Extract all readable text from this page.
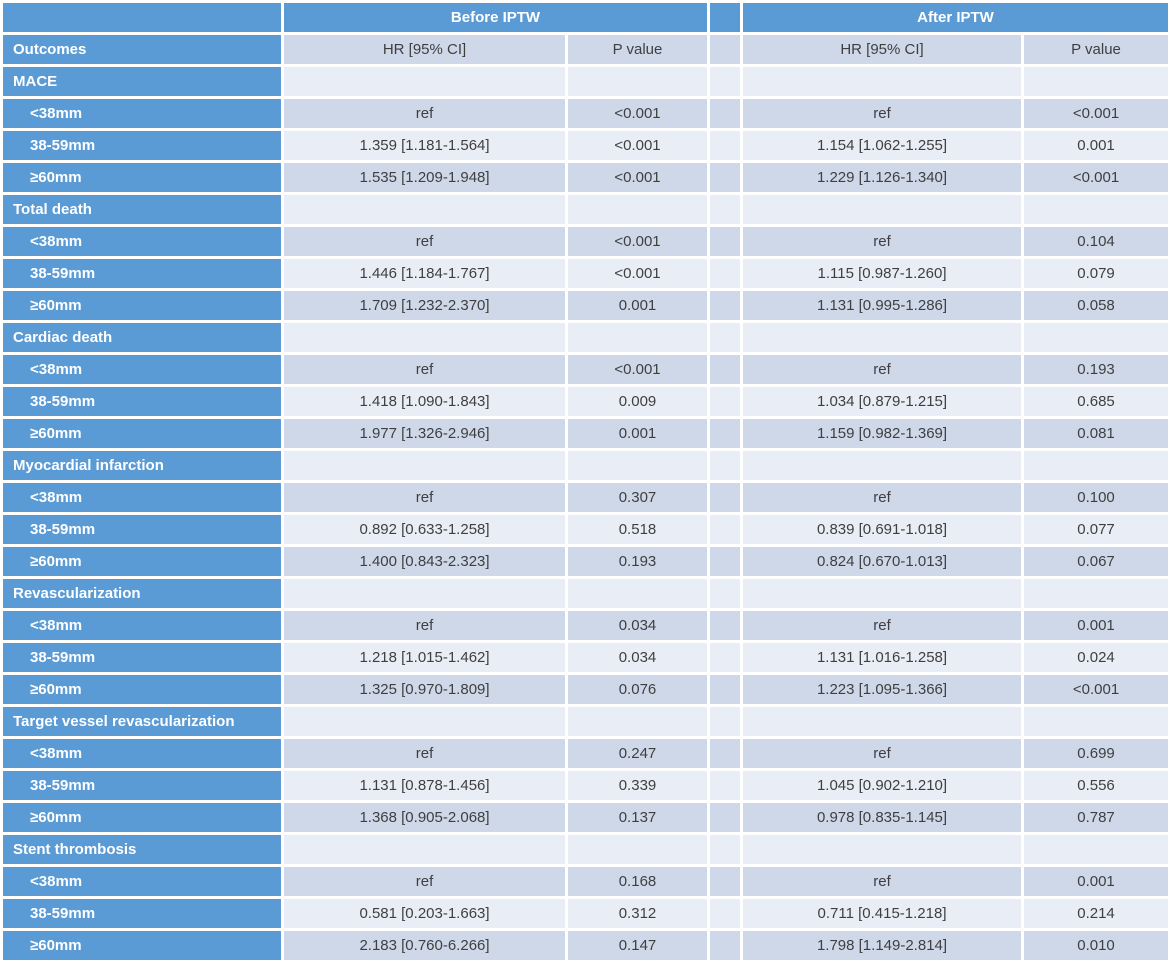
	Before IPTW			After IPTW	
Outcomes	HR [95% CI]	P value		HR [95% CI]	P value
MACE					
<38mm	ref	<0.001		ref	<0.001
38-59mm	1.359 [1.181-1.564]	<0.001		1.154 [1.062-1.255]	0.001
≥60mm	1.535 [1.209-1.948]	<0.001		1.229 [1.126-1.340]	<0.001
Total death					
<38mm	ref	<0.001		ref	0.104
38-59mm	1.446 [1.184-1.767]	<0.001		1.115 [0.987-1.260]	0.079
≥60mm	1.709 [1.232-2.370]	0.001		1.131 [0.995-1.286]	0.058
Cardiac death					
<38mm	ref	<0.001		ref	0.193
38-59mm	1.418 [1.090-1.843]	0.009		1.034 [0.879-1.215]	0.685
≥60mm	1.977 [1.326-2.946]	0.001		1.159 [0.982-1.369]	0.081
Myocardial infarction					
<38mm	ref	0.307		ref	0.100
38-59mm	0.892 [0.633-1.258]	0.518		0.839 [0.691-1.018]	0.077
≥60mm	1.400 [0.843-2.323]	0.193		0.824 [0.670-1.013]	0.067
Revascularization					
<38mm	ref	0.034		ref	0.001
38-59mm	1.218 [1.015-1.462]	0.034		1.131 [1.016-1.258]	0.024
≥60mm	1.325 [0.970-1.809]	0.076		1.223 [1.095-1.366]	<0.001
Target vessel revascularization					
<38mm	ref	0.247		ref	0.699
38-59mm	1.131 [0.878-1.456]	0.339		1.045 [0.902-1.210]	0.556
≥60mm	1.368 [0.905-2.068]	0.137		0.978 [0.835-1.145]	0.787
Stent thrombosis					
<38mm	ref	0.168		ref	0.001
38-59mm	0.581 [0.203-1.663]	0.312		0.711 [0.415-1.218]	0.214
≥60mm	2.183 [0.760-6.266]	0.147		1.798 [1.149-2.814]	0.010
